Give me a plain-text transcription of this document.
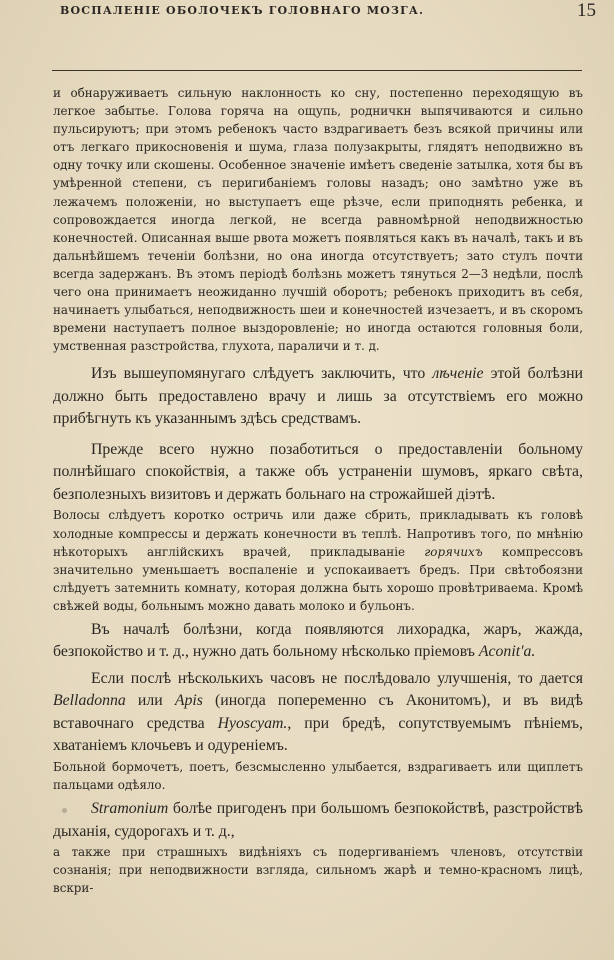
ВОСПАЛЕНІЕ ОБОЛОЧЕКЪ ГОЛОВНАГО МОЗГА.	15

и обнаруживаетъ сильную наклонность ко сну, постепенно переходящую въ легкое забытье. Голова горяча на ощупь, родничкн выпячиваются и сильно пульсируютъ; при этомъ ребенокъ часто вздрагиваетъ безъ всякой причины или отъ легкаго прикосновенія и шума, глаза полузакрыты, глядятъ неподвижно въ одну точку или скошены. Особенное значеніе имѣетъ сведеніе затылка, хотя бы въ умѣренной степени, съ перигибаніемъ головы назадъ; оно замѣтно уже въ лежачемъ положеніи, но выступаетъ еще рѣзче, если приподнять ребенка, и сопровождается иногда легкой, не всегда равномѣрной неподвижностью конечностей. Описанная выше рвота можетъ появляться какъ въ началѣ, такъ и въ дальнѣйшемъ теченіи болѣзни, но она иногда отсутствуетъ; зато стулъ почти всегда задержанъ. Въ этомъ періодѣ болѣзнь можетъ тянуться 2—3 недѣли, послѣ чего она принимаетъ неожиданно лучшій оборотъ; ребенокъ приходитъ въ себя, начинаетъ улыбаться, неподвижность шеи и конечностей изчезаетъ, и въ скоромъ времени наступаетъ полное выздоровленіе; но иногда остаются головныя боли, умственная разстройства, глухота, параличи и т. д.

Изъ вышеупомянугаго слѣдуетъ заключить, что лѣченіе этой болѣзни должно быть предоставлено врачу и лишь за отсутствіемъ его можно прибѣгнуть къ указаннымъ здѣсь средствамъ.

Прежде всего нужно позаботиться о предоставленіи больному полнѣйшаго спокойствія, а также объ устраненіи шумовъ, яркаго свѣта, безполезныхъ визитовъ и держать больнаго на строжайшей діэтѣ.

Волосы слѣдуетъ коротко остричь или даже сбрить, прикладывать къ головѣ холодные компрессы и держать конечности въ теплѣ. Напротивъ того, по мнѣнію нѣкоторыхъ англійскихъ врачей, прикладываніе горячихъ компрессовъ значительно уменьшаетъ воспаленіе и успокаиваетъ бредъ. При свѣтобоязни слѣдуетъ затемнить комнату, которая должна быть хорошо провѣтриваема. Кромѣ свѣжей воды, больнымъ можно давать молоко и бульонъ.

Въ началѣ болѣзни, когда появляются лихорадка, жаръ, жажда, безпокойство и т. д., нужно дать больному нѣсколько пріемовъ Aconit'a.

Если послѣ нѣсколькихъ часовъ не послѣдовало улучшенія, то дается Belladonna или Apis (иногда попеременно съ Аконитомъ), и въ видѣ вставочнаго средства Hyoscyam., при бредѣ, сопутствуемымъ пѣніемъ, хватаніемъ клочьевъ и одуреніемъ.

Больной бормочетъ, поетъ, безсмысленно улыбается, вздрагиваетъ или щиплетъ пальцами одѣяло.

Stramonium болѣе пригоденъ при большомъ безпокойствѣ, разстройствѣ дыханія, судорогахъ и т. д.,

а также при страшныхъ видѣніяхъ съ подергиваніемъ членовъ, отсутствіи сознанія; при неподвижности взгляда, сильномъ жарѣ и темно-красномъ лицѣ, вскри-
